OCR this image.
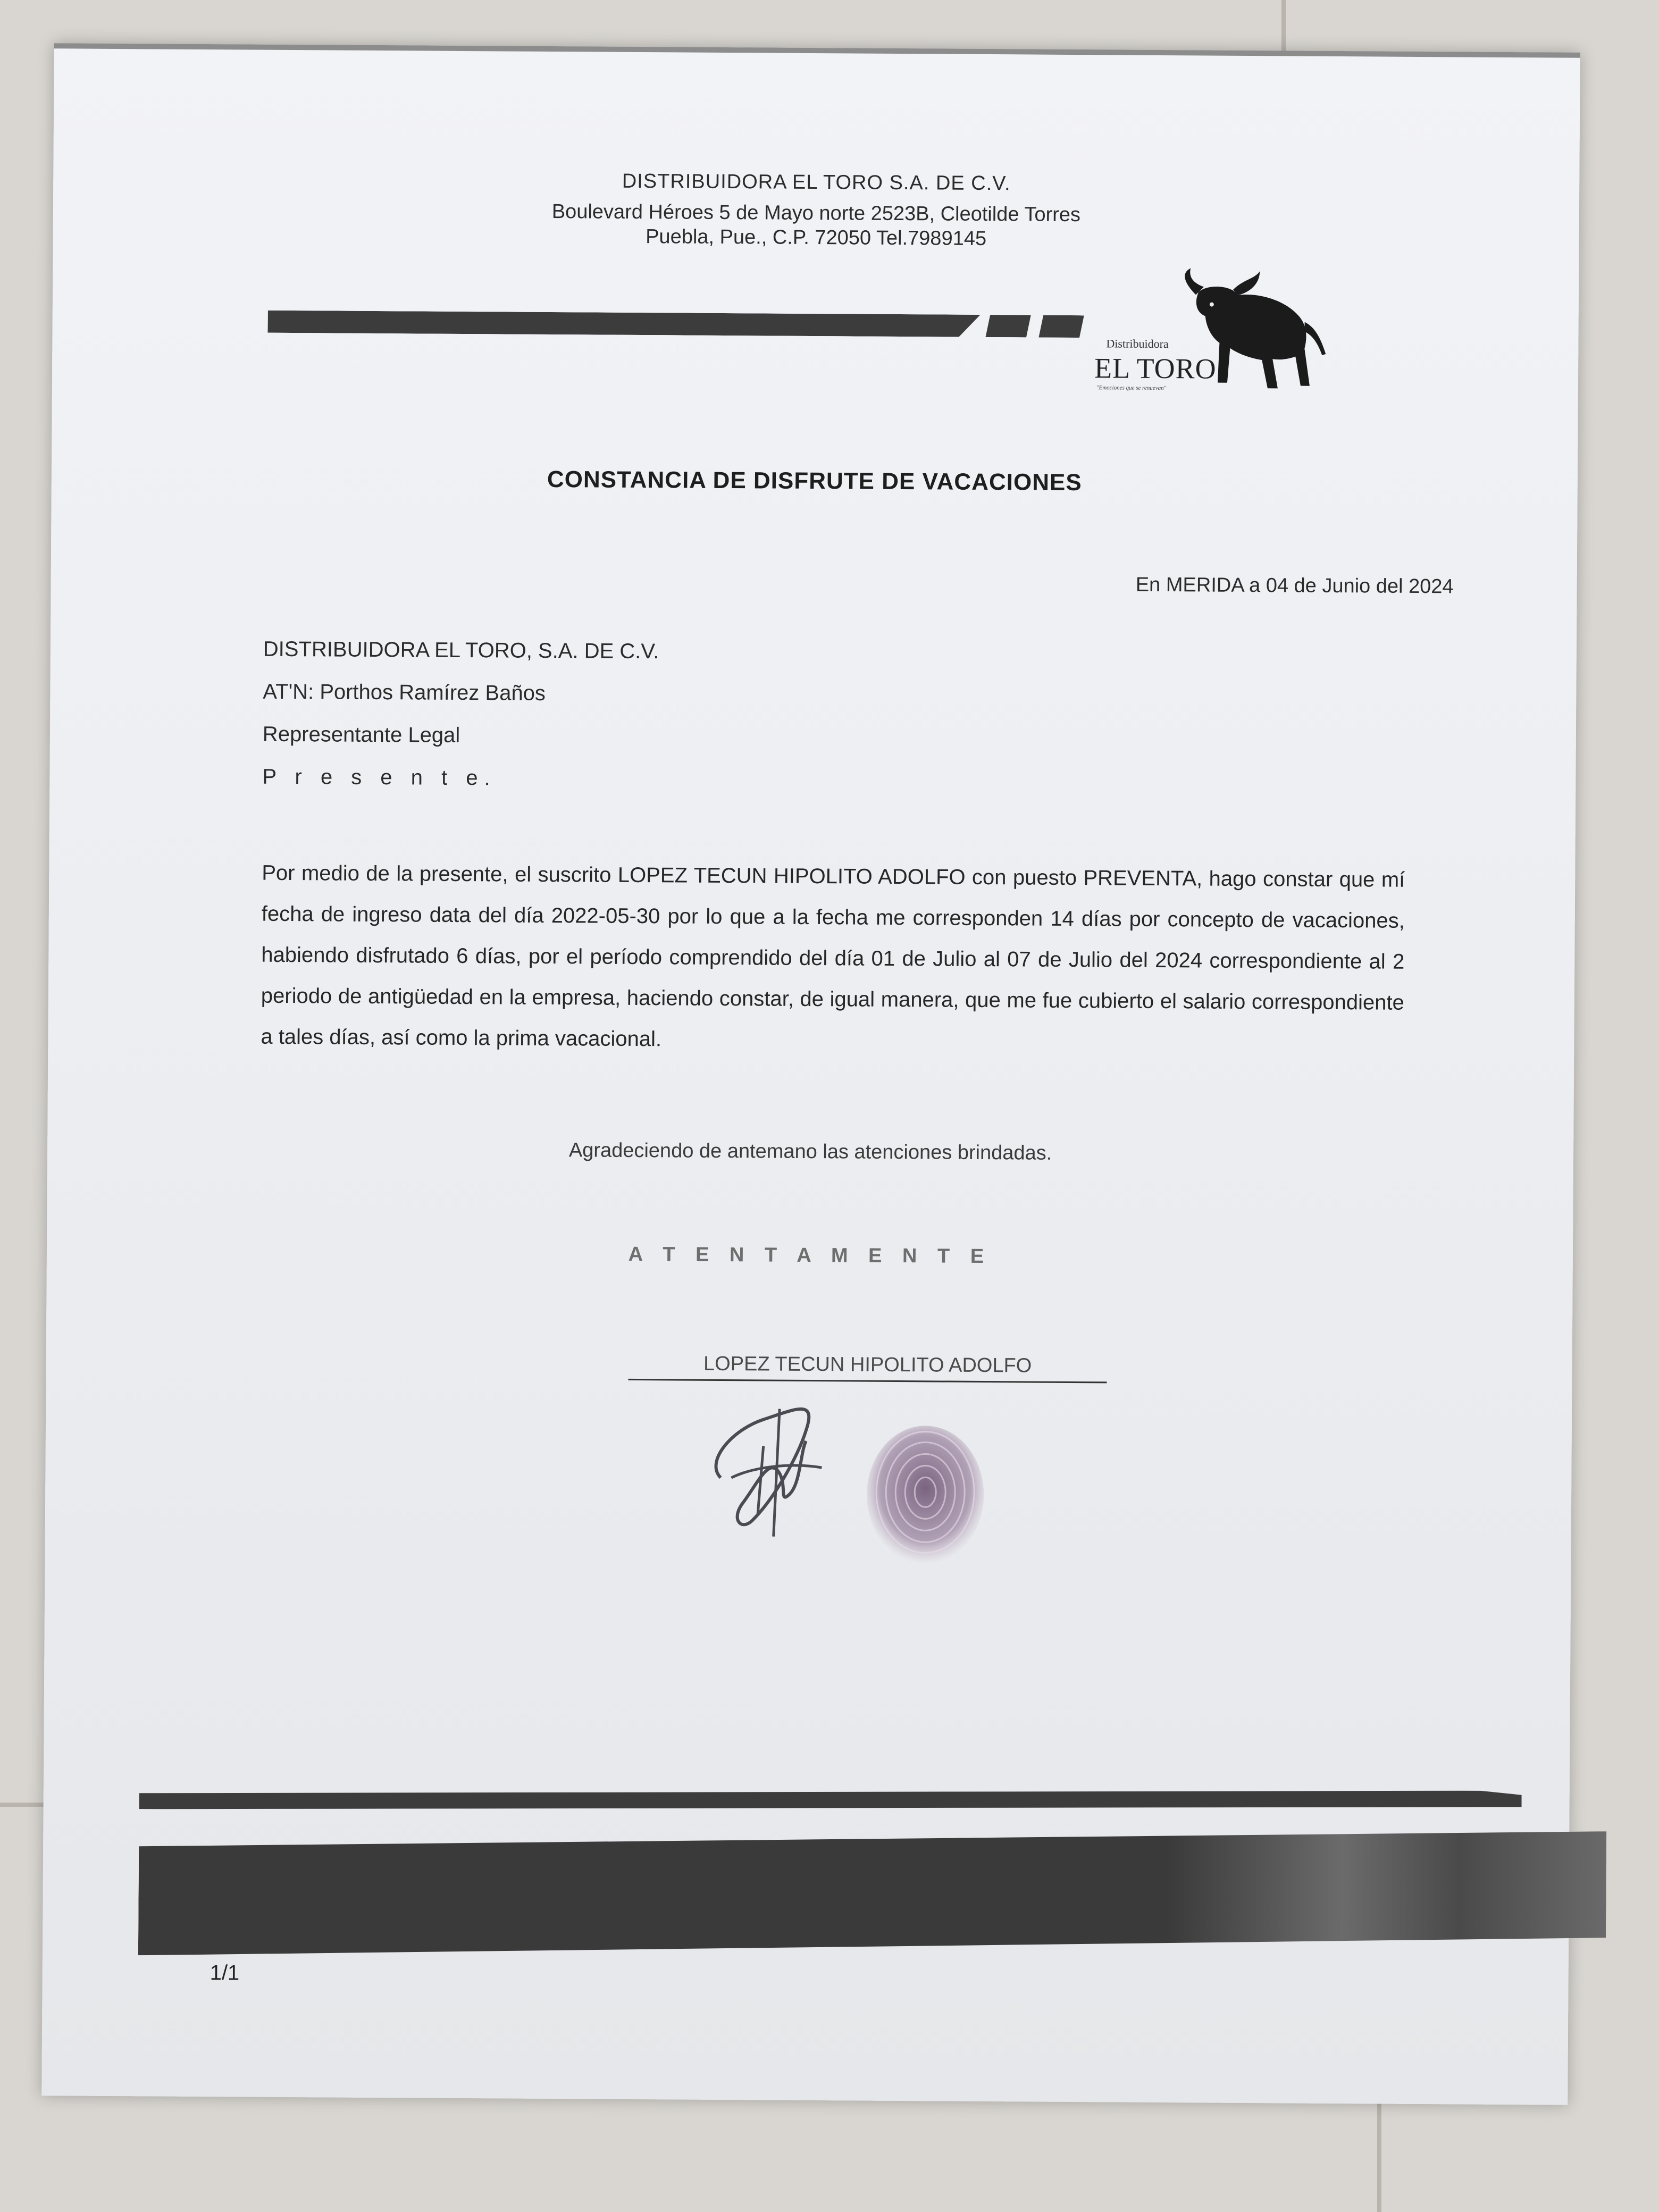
DISTRIBUIDORA EL TORO S.A. DE C.V.
Boulevard Héroes 5 de Mayo norte 2523B, Cleotilde Torres
Puebla, Pue., C.P. 72050 Tel.7989145
Distribuidora
EL TORO
"Emociones que se renuevan"
CONSTANCIA DE DISFRUTE DE VACACIONES
En MERIDA a 04 de Junio del 2024
DISTRIBUIDORA EL TORO, S.A. DE C.V.
AT'N: Porthos Ramírez Baños
Representante Legal
P r e s e n t e.
Por medio de la presente, el suscrito LOPEZ TECUN HIPOLITO ADOLFO con puesto PREVENTA, hago constar que mí fecha de ingreso data del día 2022-05-30 por lo que a la fecha me corresponden 14 días por concepto de vacaciones, habiendo disfrutado 6 días, por el período comprendido del día 01 de Julio al 07 de Julio del 2024 correspondiente al 2 periodo de antigüedad en la empresa, haciendo constar, de igual manera, que me fue cubierto el salario correspondiente a tales días, así como la prima vacacional.
Agradeciendo de antemano las atenciones brindadas.
A T E N T A M E N T E
LOPEZ TECUN HIPOLITO ADOLFO
1/1
